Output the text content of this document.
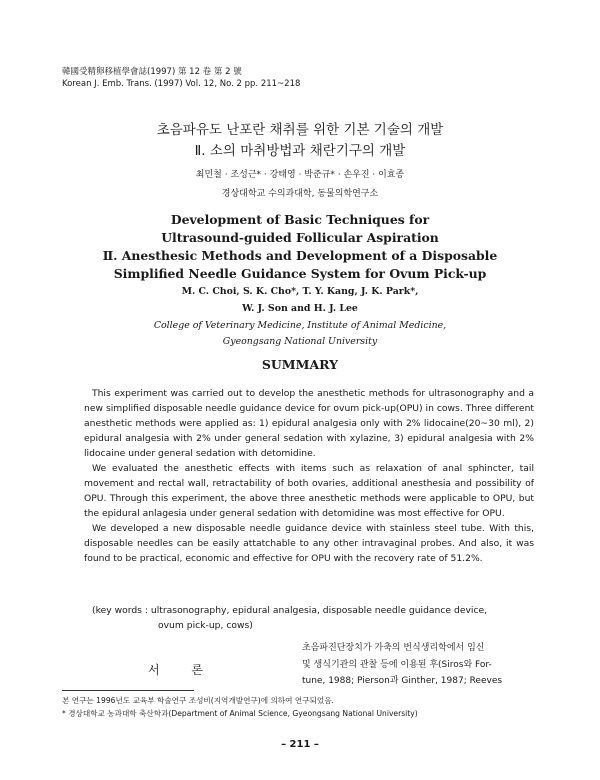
韓國受精卵移植學會誌(1997) 第 12 卷 第 2 號
Korean J. Emb. Trans. (1997) Vol. 12, No. 2 pp. 211~218
초음파유도 난포란 채취를 위한 기본 기술의 개발
Ⅱ. 소의 마취방법과 채란기구의 개발
최민철 · 조성근* · 강태영 · 박준규* · 손우진 · 이효종
경상대학교 수의과대학, 동물의학연구소
Development of Basic Techniques for
Ultrasound-guided Follicular Aspiration
Ⅱ. Anesthesic Methods and Development of a Disposable
Simplified Needle Guidance System for Ovum Pick-up
M. C. Choi, S. K. Cho*, T. Y. Kang, J. K. Park*,
W. J. Son and H. J. Lee
College of Veterinary Medicine, Institute of Animal Medicine,
Gyeongsang National University
SUMMARY

This experiment was carried out to develop the anesthetic methods for ultrasonography and a new simplified disposable needle guidance device for ovum pick-up(OPU) in cows. Three different anesthetic methods were applied as: 1) epidural analgesia only with 2% lidocaine(20~30 ml), 2) epidural analgesia with 2% under general sedation with xylazine, 3) epidural analgesia with 2% lidocaine under general sedation with detomidine.

We evaluated the anesthetic effects with items such as relaxation of anal sphincter, tail movement and rectal wall, retractability of both ovaries, additional anesthesia and possibility of OPU. Through this experiment, the above three anesthetic methods were applicable to OPU, but the epidural anlagesia under general sedation with detomidine was most effective for OPU.

We developed a new disposable needle guidance device with stainless steel tube. With this, disposable needles can be easily attatchable to any other intravaginal probes. And also, it was found to be practical, economic and effective for OPU with the recovery rate of 51.2%.

(key words : ultrasonography, epidural analgesia, disposable needle guidance device,
ovum pick-up, cows)
서 론
초음파진단장치가 가축의 번식생리학에서 임신
및 생식기관의 관찰 등에 이용된 후(Siros와 For-
tune, 1988; Pierson과 Ginther, 1987; Reeves
본 연구는 1996년도 교육부 학술연구 조성비(지역개발연구)에 의하여 연구되었음.
* 경상대학교 농과대학 축산학과(Department of Animal Science, Gyeongsang National University)
– 211 –
